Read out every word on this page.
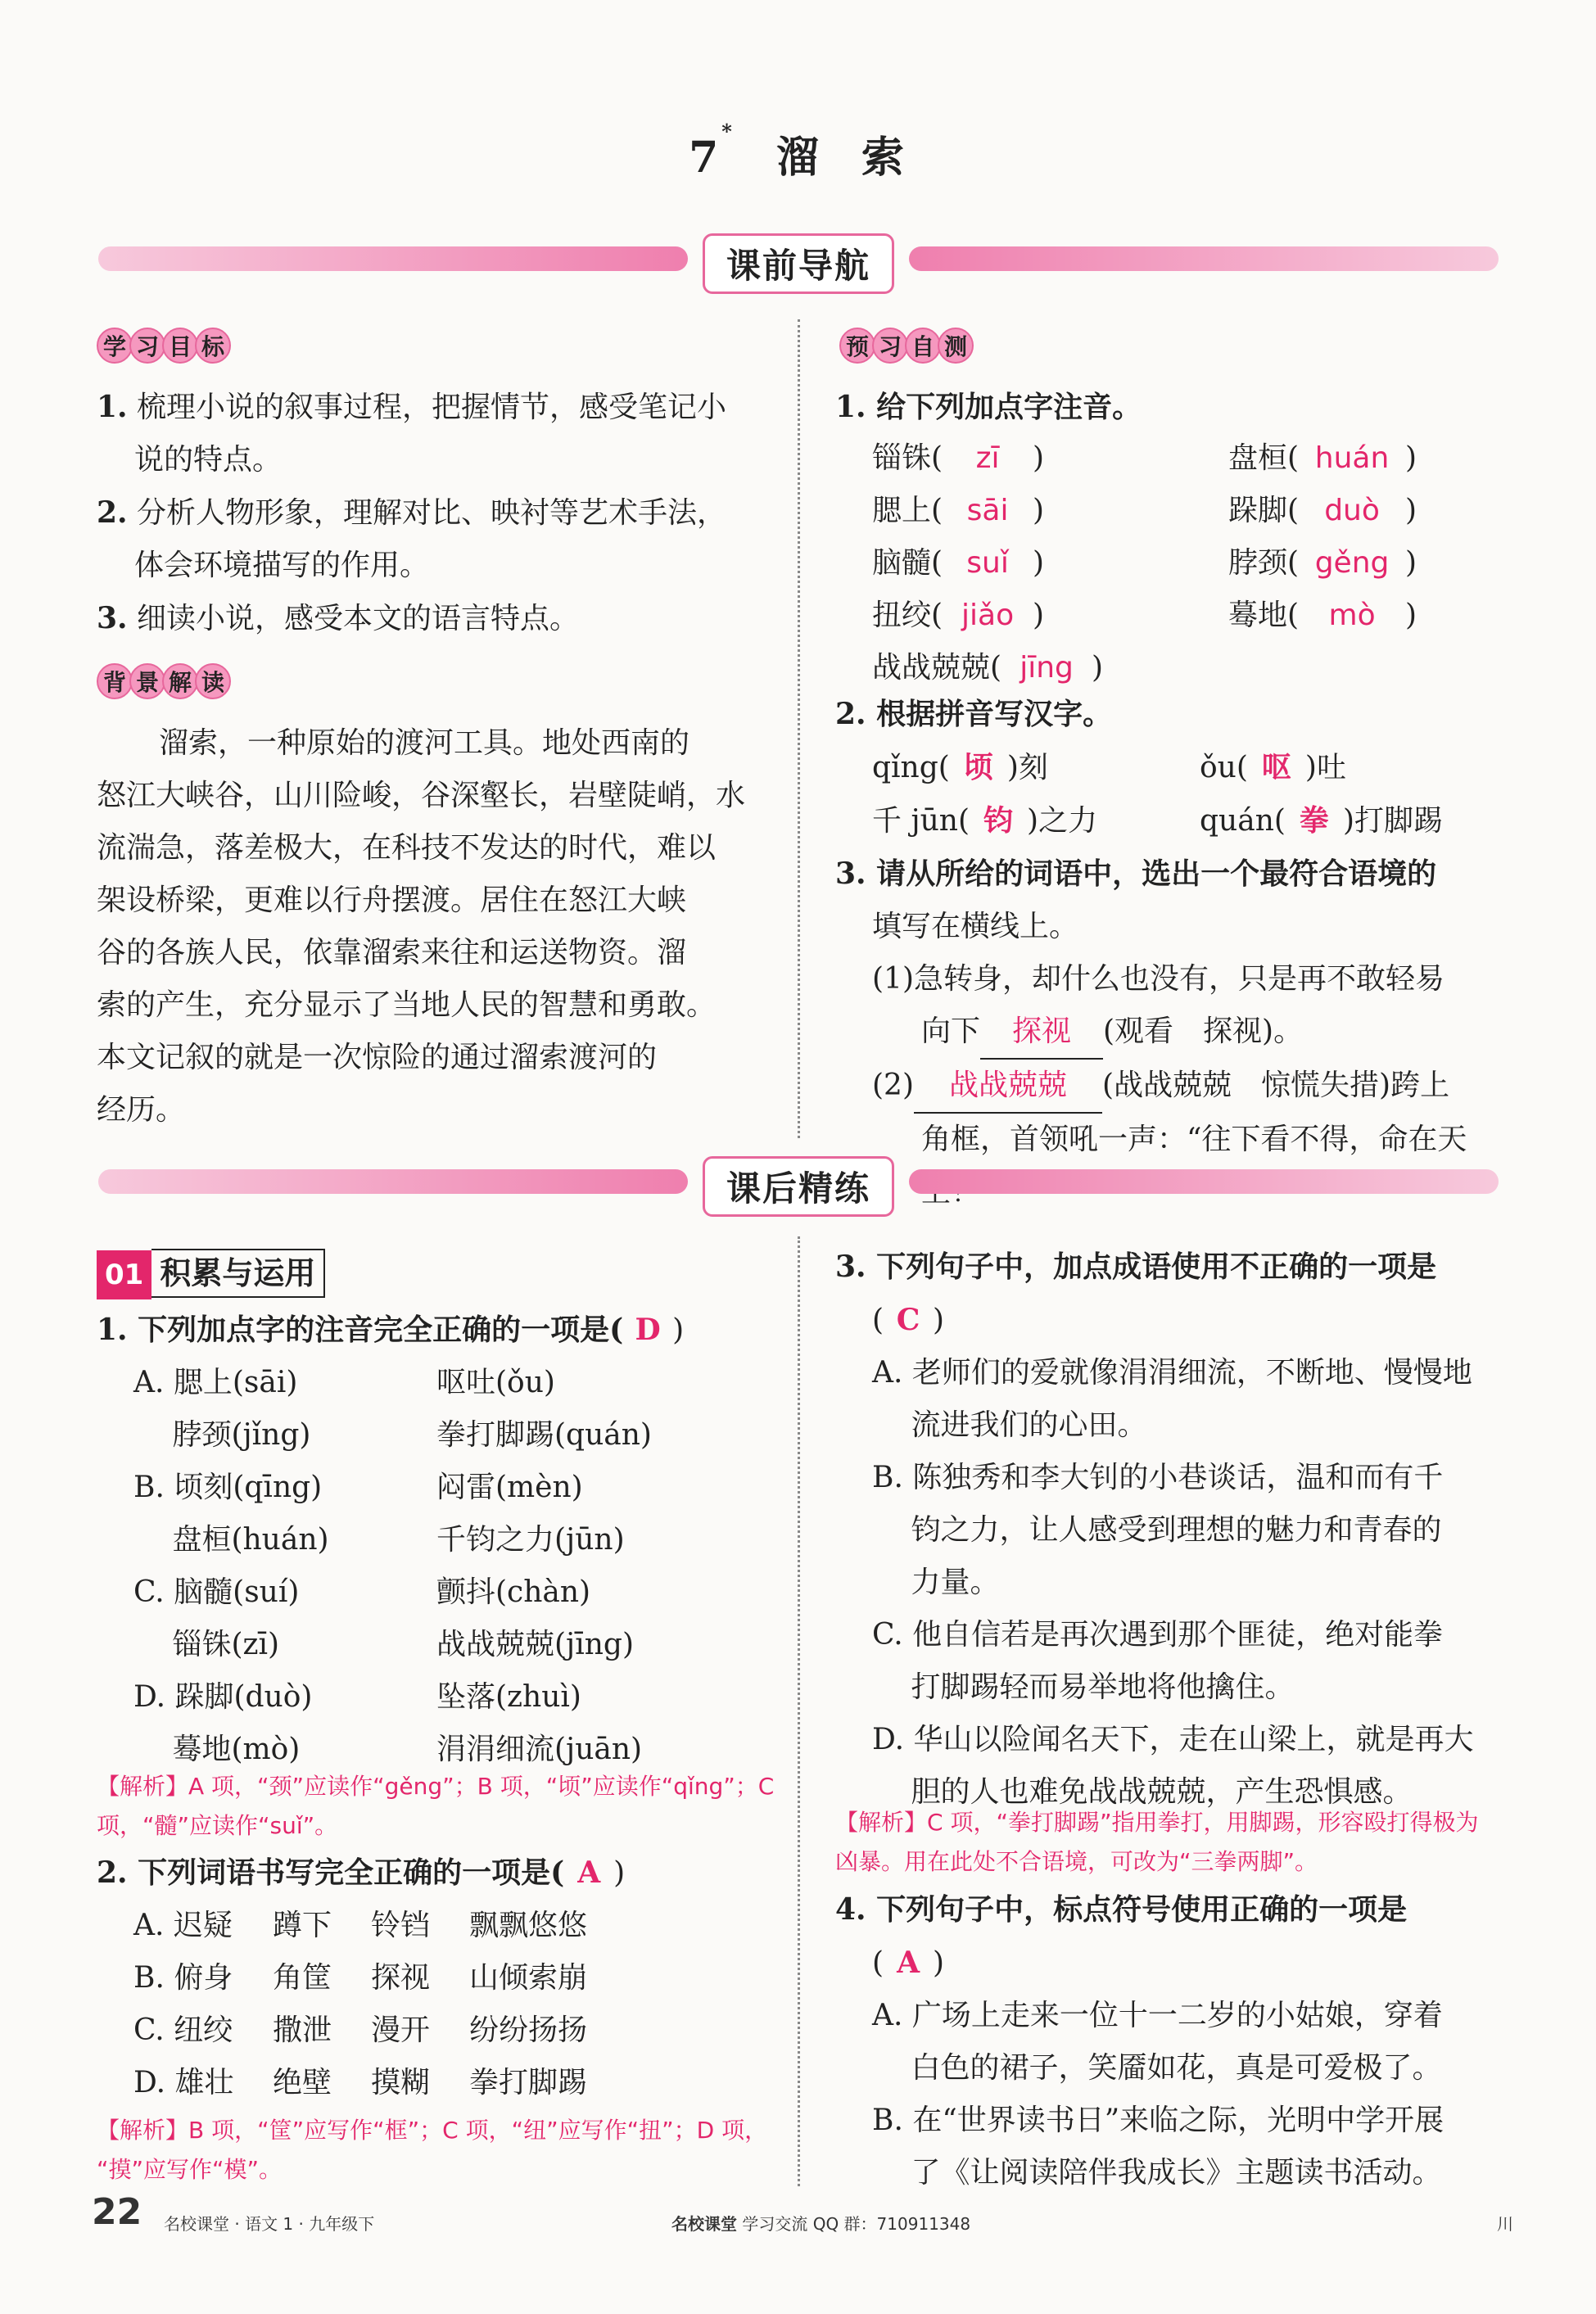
7*溜 索
课前导航
学 习 目 标
1. 梳理小说的叙事过程，把握情节，感受笔记小
说的特点。
2. 分析人物形象，理解对比、映衬等艺术手法，
体会环境描写的作用。
3. 细读小说，感受本文的语言特点。
背 景 解 读
溜索，一种原始的渡河工具。地处西南的
怒江大峡谷，山川险峻，谷深壑长，岩壁陡峭，水
流湍急，落差极大，在科技不发达的时代，难以
架设桥梁，更难以行舟摆渡。居住在怒江大峡
谷的各族人民，依靠溜索来往和运送物资。溜
索的产生，充分显示了当地人民的智慧和勇敢。
本文记叙的就是一次惊险的通过溜索渡河的
经历。
预 习 自 测
1. 给下列加点字注音。
锱铢( zī )	盘桓( huán )
腮上( sāi )	跺脚( duò )
脑髓( suǐ )	脖颈( gěng )
扭绞( jiǎo )	蓦地( mò )
战战兢兢( jīng )
2. 根据拼音写汉字。
qǐng( 顷 )刻	ǒu( 呕 )吐
千 jūn( 钧 )之力	quán( 拳 )打脚踢
3. 请从所给的词语中，选出一个最符合语境的
填写在横线上。
(1)急转身，却什么也没有，只是再不敢轻易
向下 探视 (观看　探视)。
(2) 战战兢兢 (战战兢兢　惊慌失措)跨上
角框，首领吼一声：“往下看不得，命在天
课后精练
01 积累与运用
1. 下列加点字的注音完全正确的一项是( D )
A. 腮上(sāi)	呕吐(ǒu)
　 脖颈(jǐng)	拳打脚踢(quán)
B. 顷刻(qīng)	闷雷(mèn)
　 盘桓(huán)	千钧之力(jūn)
C. 脑髓(suí)	颤抖(chàn)
　 锱铢(zī)	战战兢兢(jīng)
D. 跺脚(duò)	坠落(zhuì)
　 蓦地(mò)	涓涓细流(juān)
【解析】A 项，“颈”应读作“gěng”；B 项，“顷”应读作“qǐng”；C
项，“髓”应读作“suǐ”。
2. 下列词语书写完全正确的一项是( A )
A. 迟疑	蹲下	铃铛	飘飘悠悠
B. 俯身	角筐	探视	山倾索崩
C. 纽绞	撒泄	漫开	纷纷扬扬
D. 雄壮	绝壁	摸糊	拳打脚踢
【解析】B 项，“筐”应写作“框”；C 项，“纽”应写作“扭”；D 项，
“摸”应写作“模”。
3. 下列句子中，加点成语使用不正确的一项是
( C )
A. 老师们的爱就像涓涓细流，不断地、慢慢地
　 流进我们的心田。
B. 陈独秀和李大钊的小巷谈话，温和而有千
　 钧之力，让人感受到理想的魅力和青春的
　 力量。
C. 他自信若是再次遇到那个匪徒，绝对能拳
　 打脚踢轻而易举地将他擒住。
D. 华山以险闻名天下，走在山梁上，就是再大
　 胆的人也难免战战兢兢，产生恐惧感。
【解析】C 项，“拳打脚踢”指用拳打，用脚踢，形容殴打得极为
凶暴。用在此处不合语境，可改为“三拳两脚”。
4. 下列句子中，标点符号使用正确的一项是
( A )
A. 广场上走来一位十一二岁的小姑娘，穿着
　 白色的裙子，笑靥如花，真是可爱极了。
B. 在“世界读书日”来临之际，光明中学开展
　 了《让阅读陪伴我成长》主题读书活动。
22 名校课堂 · 语文 1 · 九年级下	名校课堂 学习交流 QQ 群：710911348	川
